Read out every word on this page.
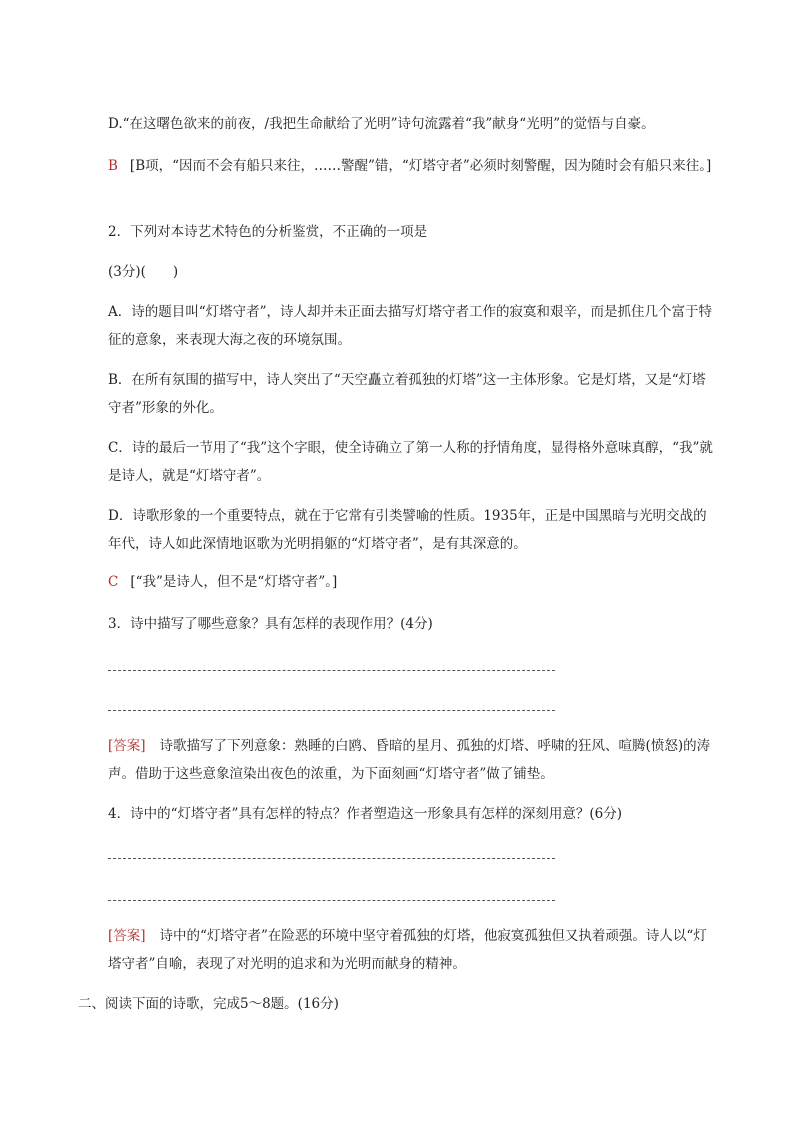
D.“在这曙色欲来的前夜，/我把生命献给了光明”诗句流露着“我”献身“光明”的觉悟与自豪。

B [B项，“因而不会有船只来往，……警醒”错，“灯塔守者”必须时刻警醒，因为随时会有船只来往。]

2．下列对本诗艺术特色的分析鉴赏，不正确的一项是

(3分)(　　)

A．诗的题目叫“灯塔守者”，诗人却并未正面去描写灯塔守者工作的寂寞和艰辛，而是抓住几个富于特征的意象，来表现大海之夜的环境氛围。

B．在所有氛围的描写中，诗人突出了“天空矗立着孤独的灯塔”这一主体形象。它是灯塔，又是“灯塔守者”形象的外化。

C．诗的最后一节用了“我”这个字眼，使全诗确立了第一人称的抒情角度，显得格外意味真醇，“我”就是诗人，就是“灯塔守者”。

D．诗歌形象的一个重要特点，就在于它常有引类譬喻的性质。1935年，正是中国黑暗与光明交战的年代，诗人如此深情地讴歌为光明捐躯的“灯塔守者”，是有其深意的。

C [“我”是诗人，但不是“灯塔守者”。]

3．诗中描写了哪些意象？具有怎样的表现作用？(4分)

[答案] 诗歌描写了下列意象：熟睡的白鸥、昏暗的星月、孤独的灯塔、呼啸的狂风、喧腾(愤怒)的涛声。借助于这些意象渲染出夜色的浓重，为下面刻画“灯塔守者”做了铺垫。

4．诗中的“灯塔守者”具有怎样的特点？作者塑造这一形象具有怎样的深刻用意？(6分)

[答案] 诗中的“灯塔守者”在险恶的环境中坚守着孤独的灯塔，他寂寞孤独但又执着顽强。诗人以“灯塔守者”自喻，表现了对光明的追求和为光明而献身的精神。

二、阅读下面的诗歌，完成5～8题。(16分)
